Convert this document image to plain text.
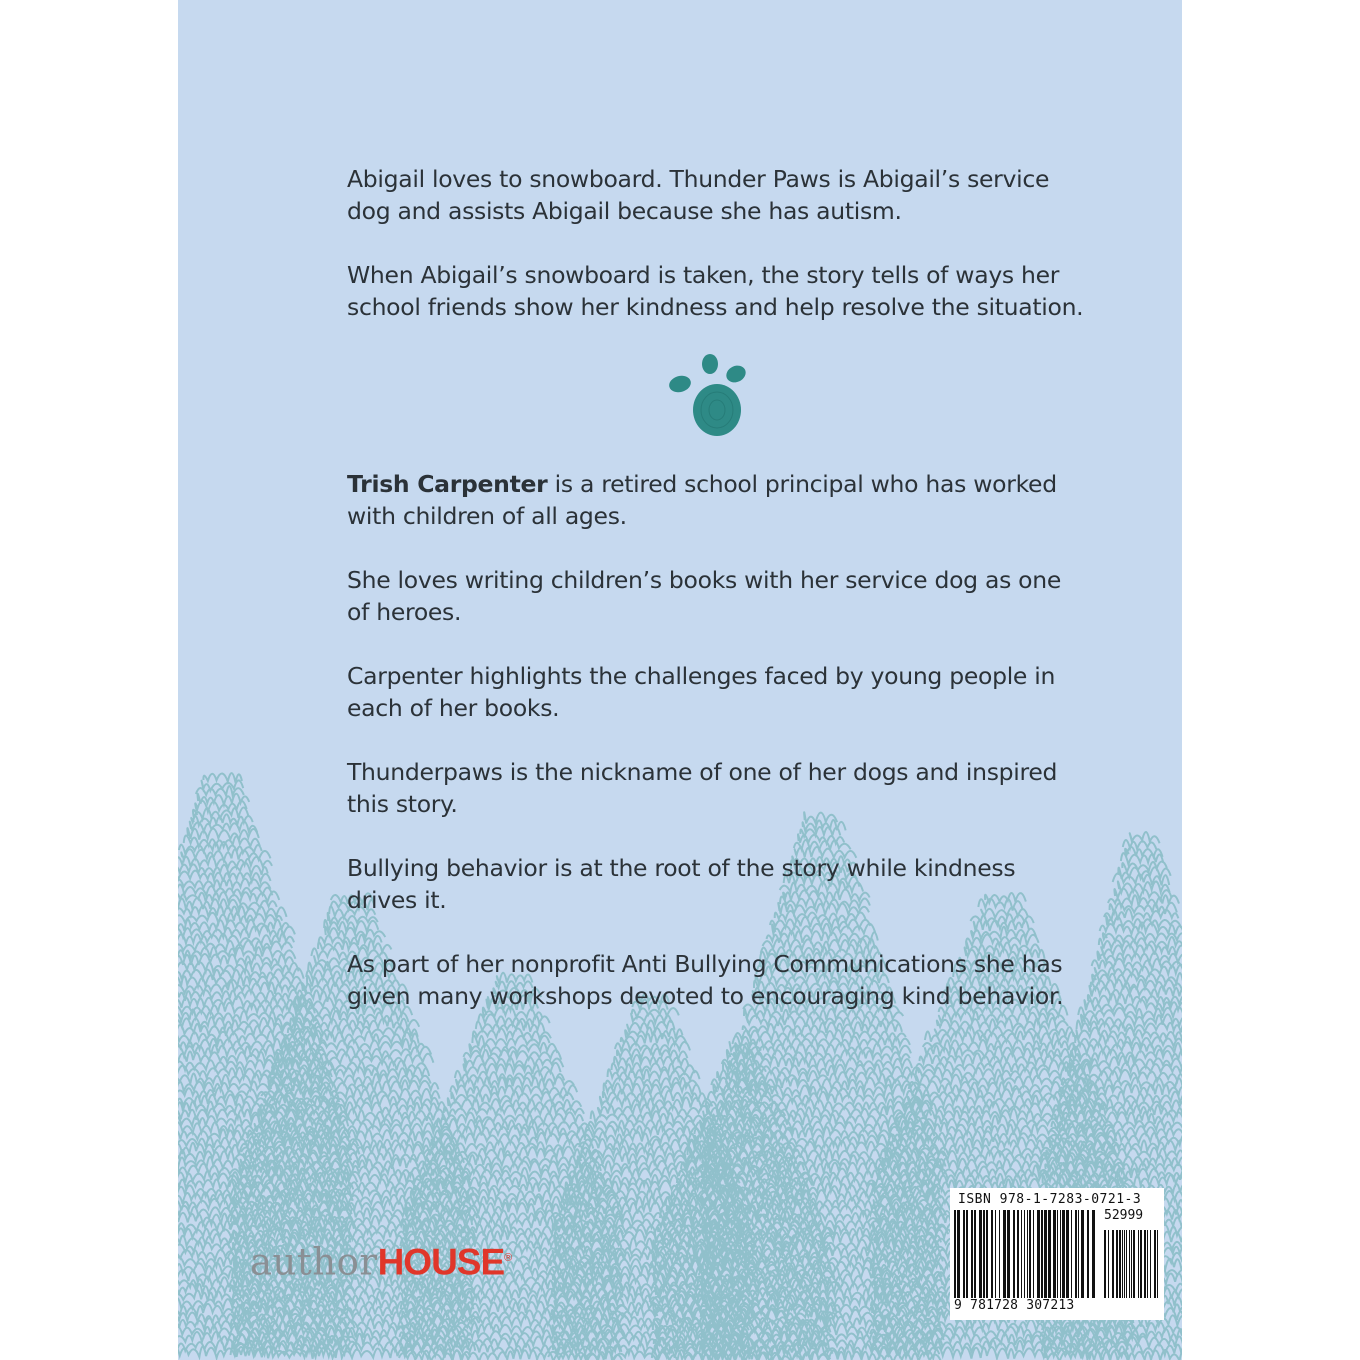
Abigail loves to snowboard. Thunder Paws is Abigail’s service dog and assists Abigail because she has autism.

When Abigail’s snowboard is taken, the story tells of ways her school friends show her kindness and help resolve the situation.

Trish Carpenter is a retired school principal who has worked with children of all ages.

She loves writing children’s books with her service dog as one of heroes.

Carpenter highlights the challenges faced by young people in each of her books.

Thunderpaws is the nickname of one of her dogs and inspired this story.

Bullying behavior is at the root of the story while kindness drives it.

As part of her nonprofit Anti Bullying Communications she has given many workshops devoted to encouraging kind behavior.

authorHOUSE®
ISBN 978-1-7283-0721-3
52999
9 781728 307213
